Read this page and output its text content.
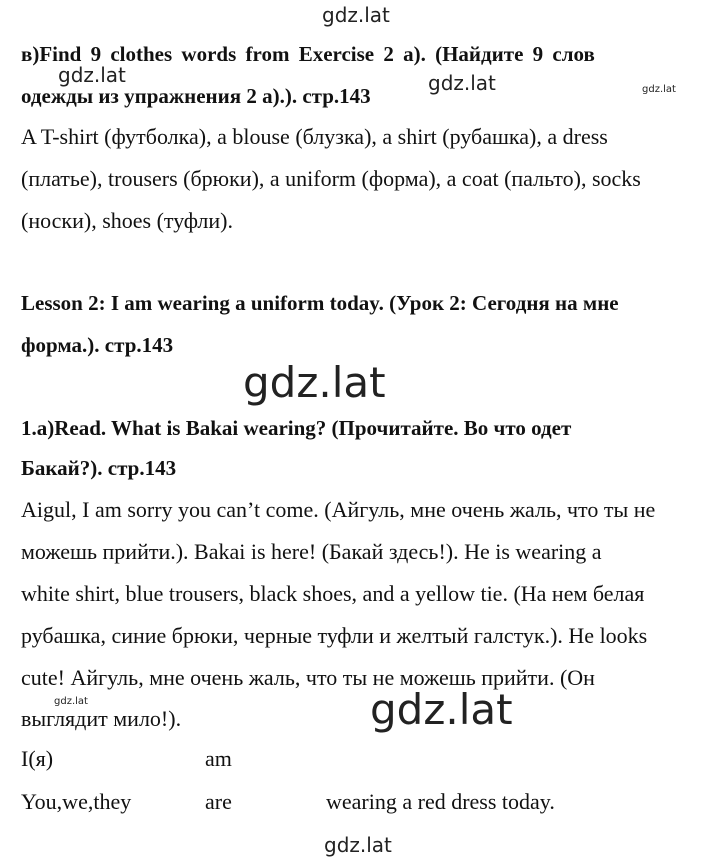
gdz.lat
gdz.lat	gdz.lat	gdz.lat
gdz.lat
gdz.lat
gdz.lat
gdz.lat
в)Find 9 clothes words from Exercise 2 a). (Найдите 9 слов
одежды из упражнения 2 а).). стр.143
A T-shirt (футболка), a blouse (блузка), a shirt (рубашка), a dress
(платье), trousers (брюки), a uniform (форма), a coat (пальто), socks
(носки), shoes (туфли).
Lesson 2: I am wearing a uniform today. (Урок 2: Сегодня на мне
форма.). стр.143
1.a)Read. What is Bakai wearing? (Прочитайте. Во что одет
Бакай?). стр.143
Aigul, I am sorry you can’t come. (Айгуль, мне очень жаль, что ты не
можешь прийти.). Bakai is here! (Бакай здесь!). He is wearing a
white shirt, blue trousers, black shoes, and a yellow tie. (На нем белая
рубашка, синие брюки, черные туфли и желтый галстук.). He looks
cute! Айгуль, мне очень жаль, что ты не можешь прийти. (Он
выглядит мило!).
I(я)	am
You,we,they	are	wearing a red dress today.
